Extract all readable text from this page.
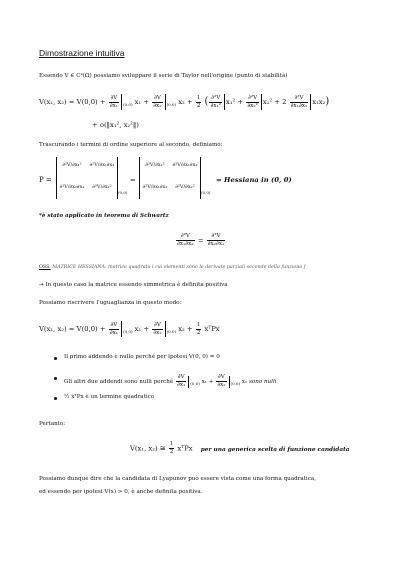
Dimostrazione intuitiva
Essendo V ∈ C²(Ω) possiamo sviluppare il serie di Taylor nell'origine (punto di stabilità)
V(x₁, $x_2) = V(0,0) + \frac{\partial V}{\text{∂x₁}} _{(0,0)}$ $x_1 + \frac{\partial V}{\text{∂x₂}} _{(0,0)}$ $x_2 + \frac{1}{2}$ ( $\frac{\text{∂²V}}{\text{∂x₁²}} x_1^2 + \frac{\text{∂²V}}{\text{∂x₂²}} x_2^2 + 2 \frac{\text{∂²V}}{\text{∂x₁∂x₂}} x_1x_2$)
+ o(‖x₁², x₂²‖)
Trascurando i termini di ordine superiore al secondo, definiamo:
P =
∂²V/∂x₁²	∂²V/∂x₁∂x₂
∂²V/∂x₂∂x₁	∂²V/∂x₂²
(0,0)
=
∂²V/∂x₁²	∂²V/∂x₁∂x₂
∂²V/∂x₁∂x₂	∂²V/∂x₂²
(0,0)
= Hessiana in (0, 0)
*è stato applicato in teorema di Schwartz
$\frac{\text{∂²V}}{\text{∂x₁∂x₂}} = \frac{\text{∂²V}}{\text{∂x₂∂x₁}}$
OSS. MATRICE HESSIANA: matrice quadrata i cui elementi sono le derivate parziali seconde della funzione f
→ In questo caso la matrice essendo simmetrica è definita positiva
Possiamo riscrivere l'uguaglianza in questo modo:
V(x₁, $x_2) = V(0,0) + \frac{\partial V}{\text{∂x₁}} _{(0,0)}$ $x_1 + \frac{\partial V}{\text{∂x₂}} _{(0,0)}$ $x_2 + \frac{1}{2}$ xᵀPx
Il primo addendo è nullo perché per ipotesi V(0, 0) = 0
Gli altri due addendi sono nulli perché $\frac{\partial V}{\text{∂x₁}} _{(0,0)}$ $x_1 + \frac{\partial V}{\text{∂x₂}} _{(0,0)}$ x₂ sono nulli
½ xᵀPx è un termine quadratico
Pertanto:
V(x₁, x₂) ≅ $\frac{1}{2}$ xᵀPx per una generica scelta di funzione candidata
Possiamo dunque dire che la candidata di Lyapunov può essere vista come una forma quadratica,
ed essendo per ipotesi V(x) > 0, è anche definita positiva.
